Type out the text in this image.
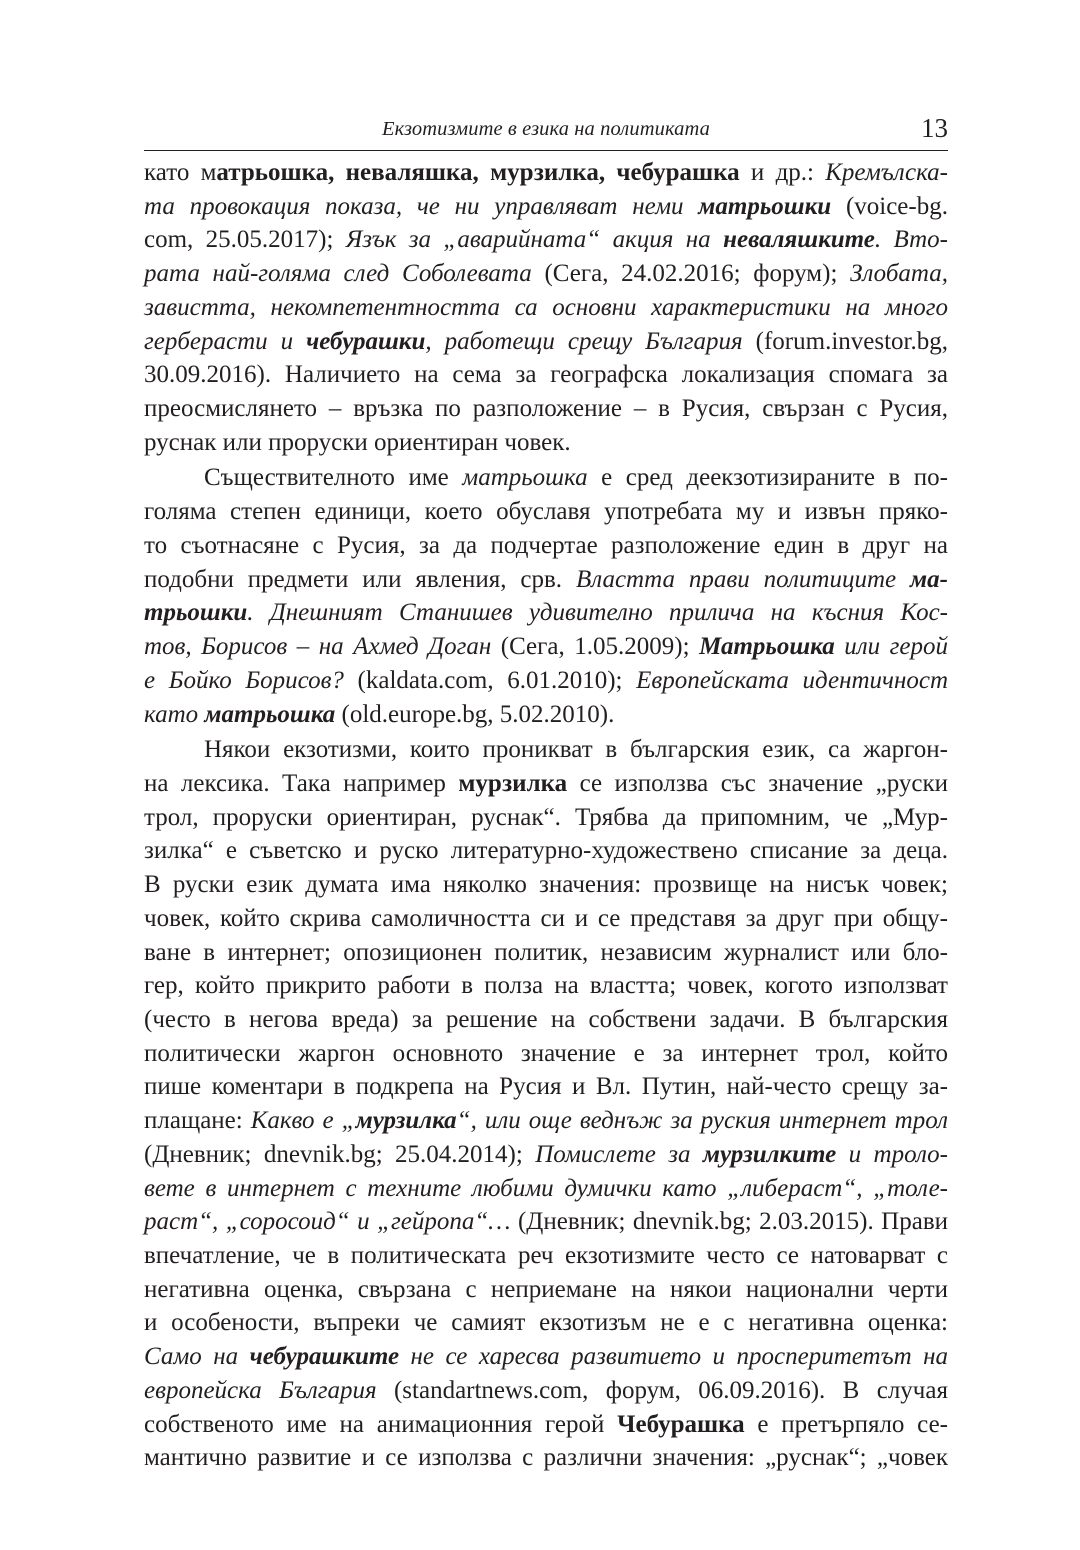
Екзотизмите в езика на политиката	13
като матрьошка, неваляшка, мурзилка, чебурашка и др.: Кремълска-
та провокация показа, че ни управляват неми матрьошки (voice-bg.
com, 25.05.2017); Язък за „аварийната“ акция на неваляшките. Вто-
рата най-голяма след Соболевата (Сега, 24.02.2016; форум); Злобата,
завистта, некомпетентността са основни характеристики на много
гербераcти и чебурашки, работещи срещу България (forum.investor.bg,
30.09.2016). Наличието на сема за географска локализация спомага за
преосмислянето – връзка по разположение – в Русия, свързан с Русия,
руснак или проруски ориентиран човек.
Съществителното име матрьошка е сред деекзотизираните в по-
голяма степен единици, което обуславя употребата му и извън пряко-
то съотнасяне с Русия, за да подчертае разположение един в друг на
подобни предмети или явления, срв. Властта прави политиците ма-
трьошки. Днешният Станишев удивително прилича на късния Кос-
тов, Борисов – на Ахмед Доган (Сега, 1.05.2009); Матрьошка или герой
е Бойко Борисов? (kaldata.com, 6.01.2010); Европейската идентичност
като матрьошка (old.europe.bg, 5.02.2010).
Някои екзотизми, които проникват в българския език, са жаргон-
на лексика. Така например мурзилка се използва със значение „руски
трол, проруски ориентиран, руснак“. Трябва да припомним, че „Мур-
зилка“ е съветско и руско литературно-художествено списание за деца.
В руски език думата има няколко значения: прозвище на нисък човек;
човек, който скрива самоличността си и се представя за друг при общу-
ване в интернет; опозиционен политик, независим журналист или бло-
гер, който прикрито работи в полза на властта; човек, когото използват
(често в негова вреда) за решение на собствени задачи. В българския
политически жаргон основното значение е за интернет трол, който
пише коментари в подкрепа на Русия и Вл. Путин, най-често срещу за-
плащане: Какво е „мурзилка“, или още веднъж за руския интернет трол
(Дневник; dnevnik.bg; 25.04.2014); Помислете за мурзилките и троло-
вете в интернет с техните любими думички като „либераст“, „толе-
раст“, „соросоид“ и „гейропа“… (Дневник; dnevnik.bg; 2.03.2015). Прави
впечатление, че в политическата реч екзотизмите често се натоварват с
негативна оценка, свързана с неприемане на някои национални черти
и особености, въпреки че самият екзотизъм не е с негативна оценка:
Само на чебурашките не се харесва развитието и просперитетът на
европейска България (standartnews.com, форум, 06.09.2016). В случая
собственото име на анимационния герой Чебурашка е претърпяло се-
мантично развитие и се използва с различни значения: „руснак“; „човек
